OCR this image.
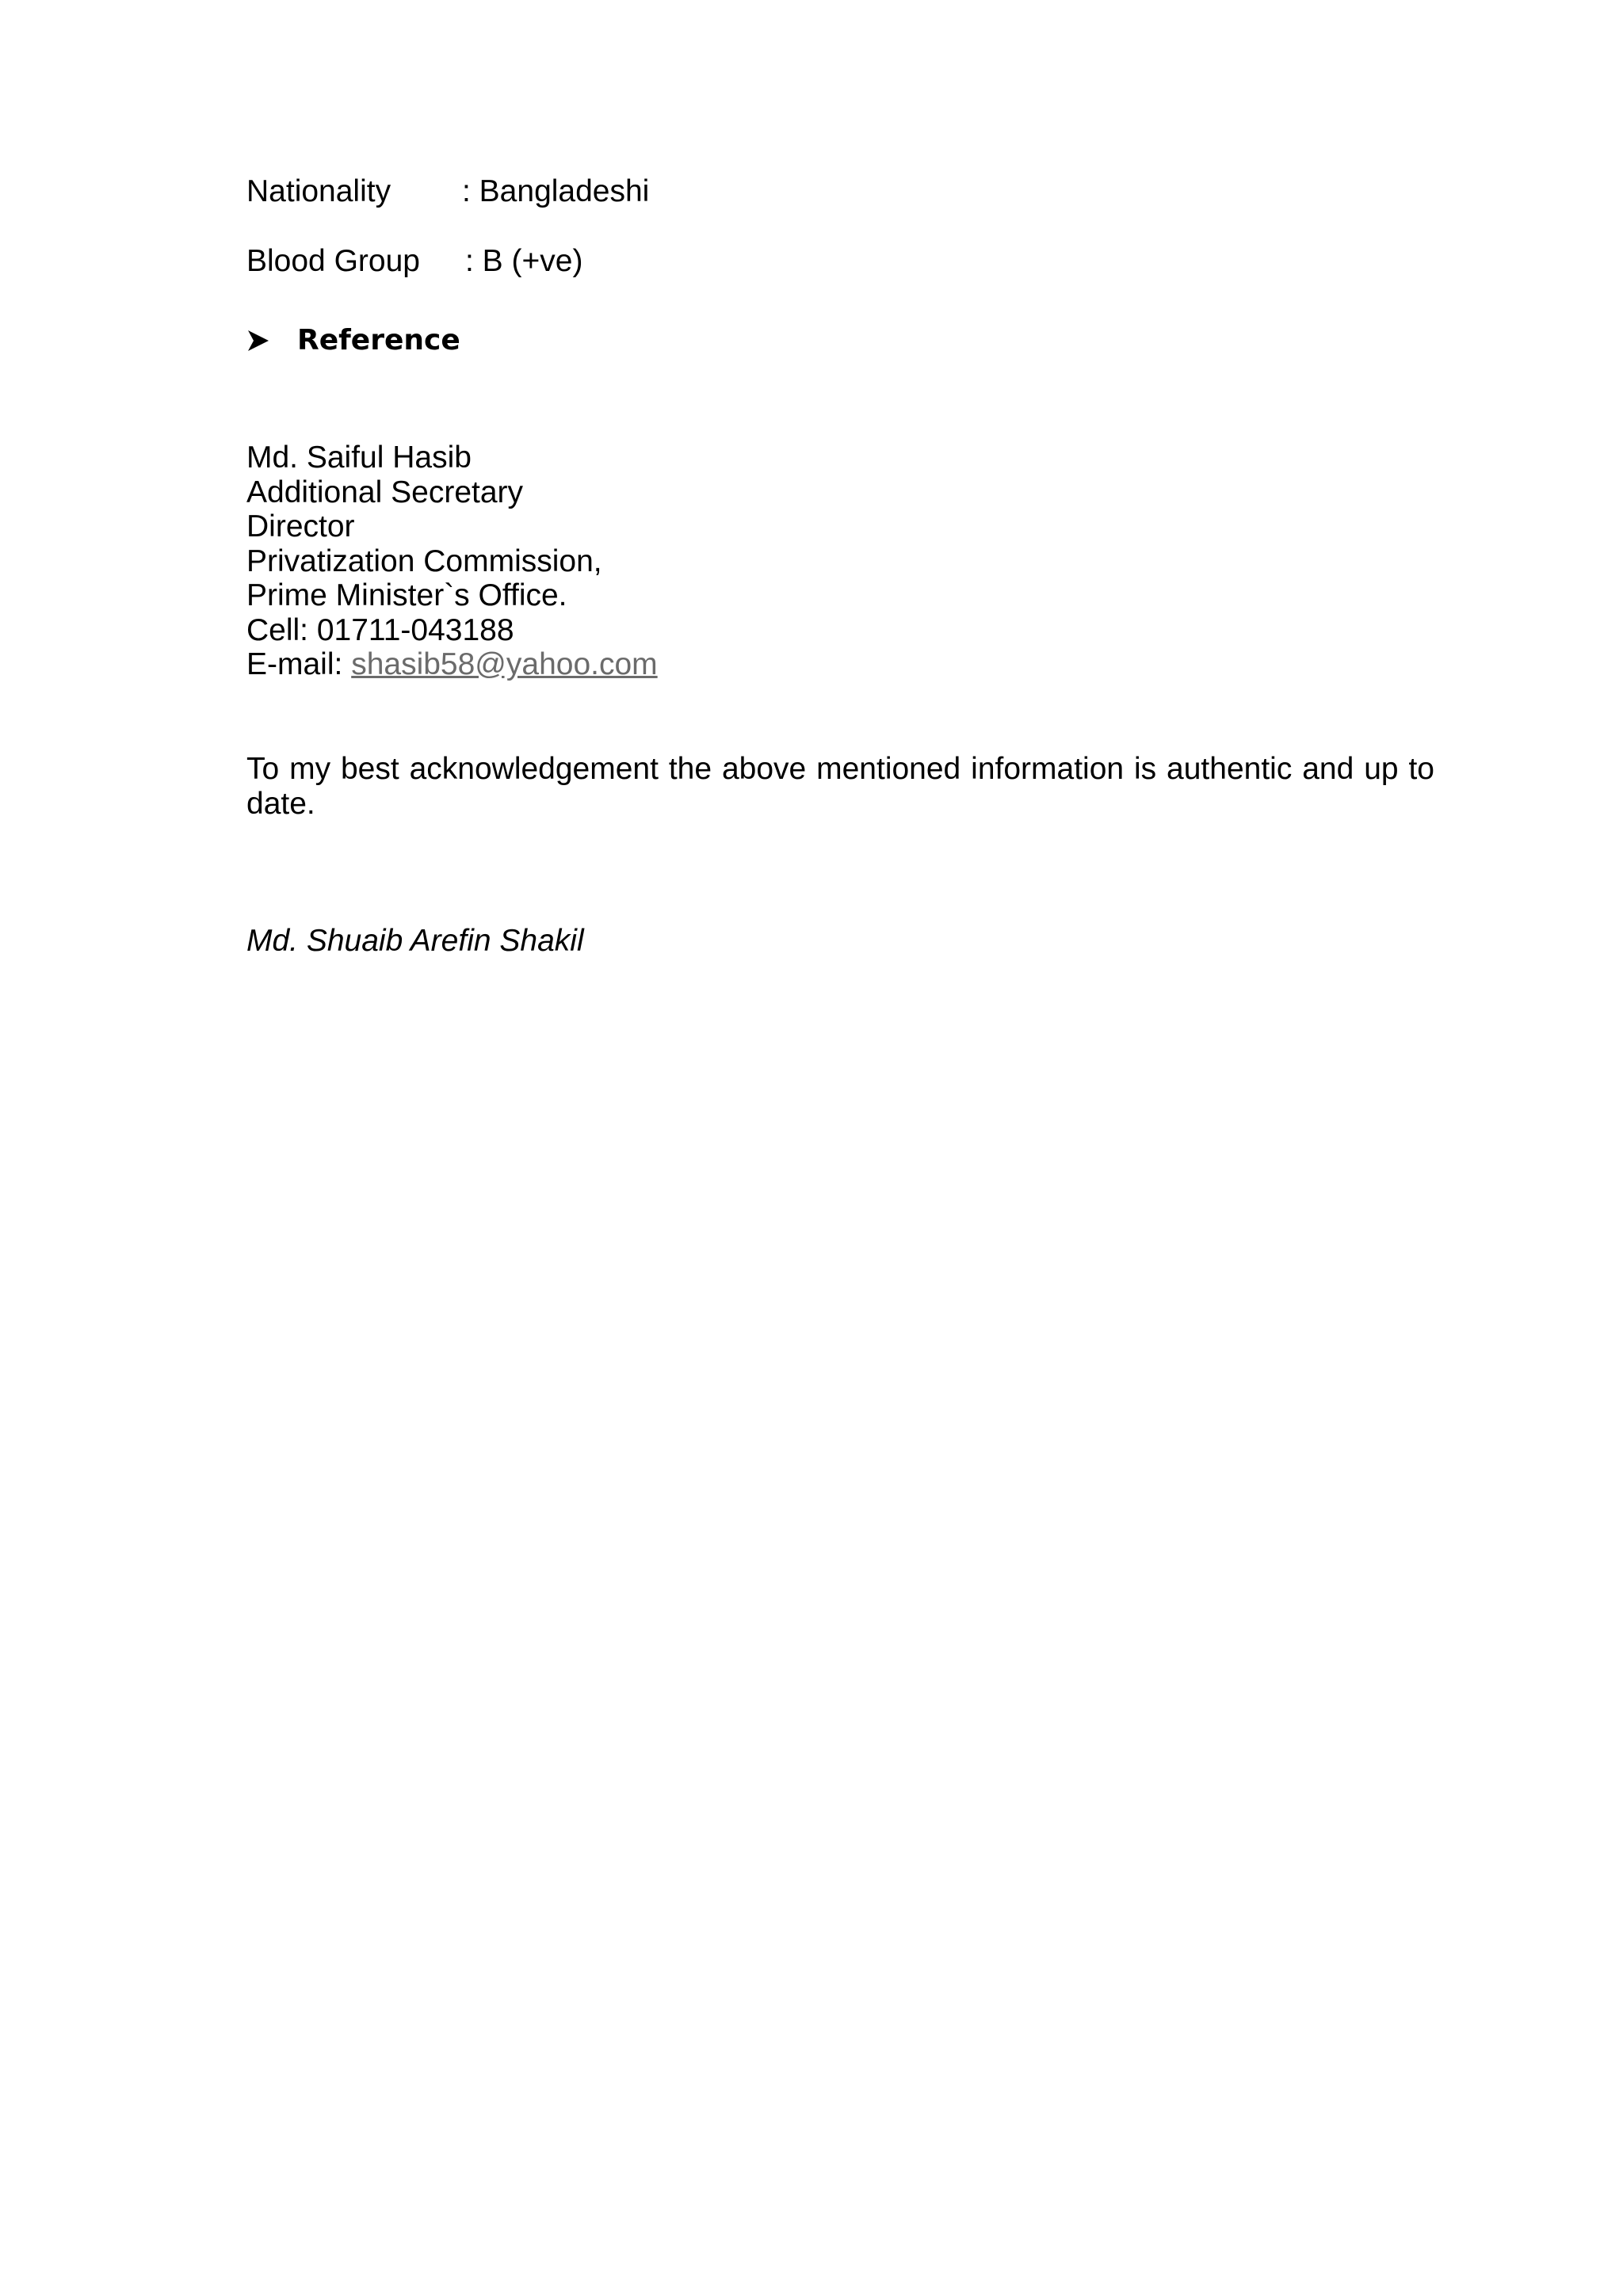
Nationality : Bangladeshi
Blood Group : B (+ve)
Reference
Md. Saiful Hasib
Additional Secretary
Director
Privatization Commission,
Prime Minister`s Office.
Cell: 01711-043188
E-mail: shasib58@yahoo.com
To my best acknowledgement the above mentioned information is authentic and up to date.
Md. Shuaib Arefin Shakil
